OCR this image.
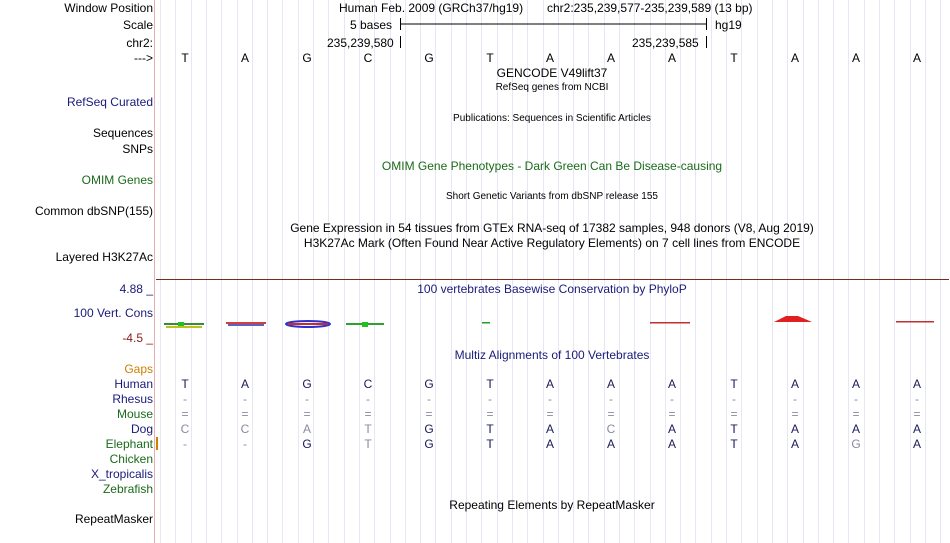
Window Position	Human Feb. 2009 (GRCh37/hg19) chr2:235,239,577-235,239,589 (13 bp)
Scale	5 bases	hg19
chr2:	235,239,580	235,239,585
--->	T	A	G	C	G	T	A	A	A	T	A	A	A
GENCODE V49lift37
RefSeq genes from NCBI
RefSeq Curated
Publications: Sequences in Scientific Articles
Sequences
SNPs
OMIM Gene Phenotypes - Dark Green Can Be Disease-causing
OMIM Genes
Short Genetic Variants from dbSNP release 155
Common dbSNP(155)
Gene Expression in 54 tissues from GTEx RNA-seq of 17382 samples, 948 donors (V8, Aug 2019)
H3K27Ac Mark (Often Found Near Active Regulatory Elements) on 7 cell lines from ENCODE
Layered H3K27Ac
4.88 _	100 vertebrates Basewise Conservation by PhyloP
100 Vert. Cons
-4.5 _
Multiz Alignments of 100 Vertebrates
Gaps
Human	T	A	G	C	G	T	A	A	A	T	A	A	A
Rhesus	-	-	-	-	-	-	-	-	-	-	-	-	-
Mouse	=	=	=	=	=	=	=	=	=	=	=	=	=
Dog	C	C	A	T	G	T	A	C	A	T	A	A	A
Elephant	-	-	G	T	G	T	A	A	A	T	A	G	A
Chicken
X_tropicalis
Zebrafish
Repeating Elements by RepeatMasker
RepeatMasker
